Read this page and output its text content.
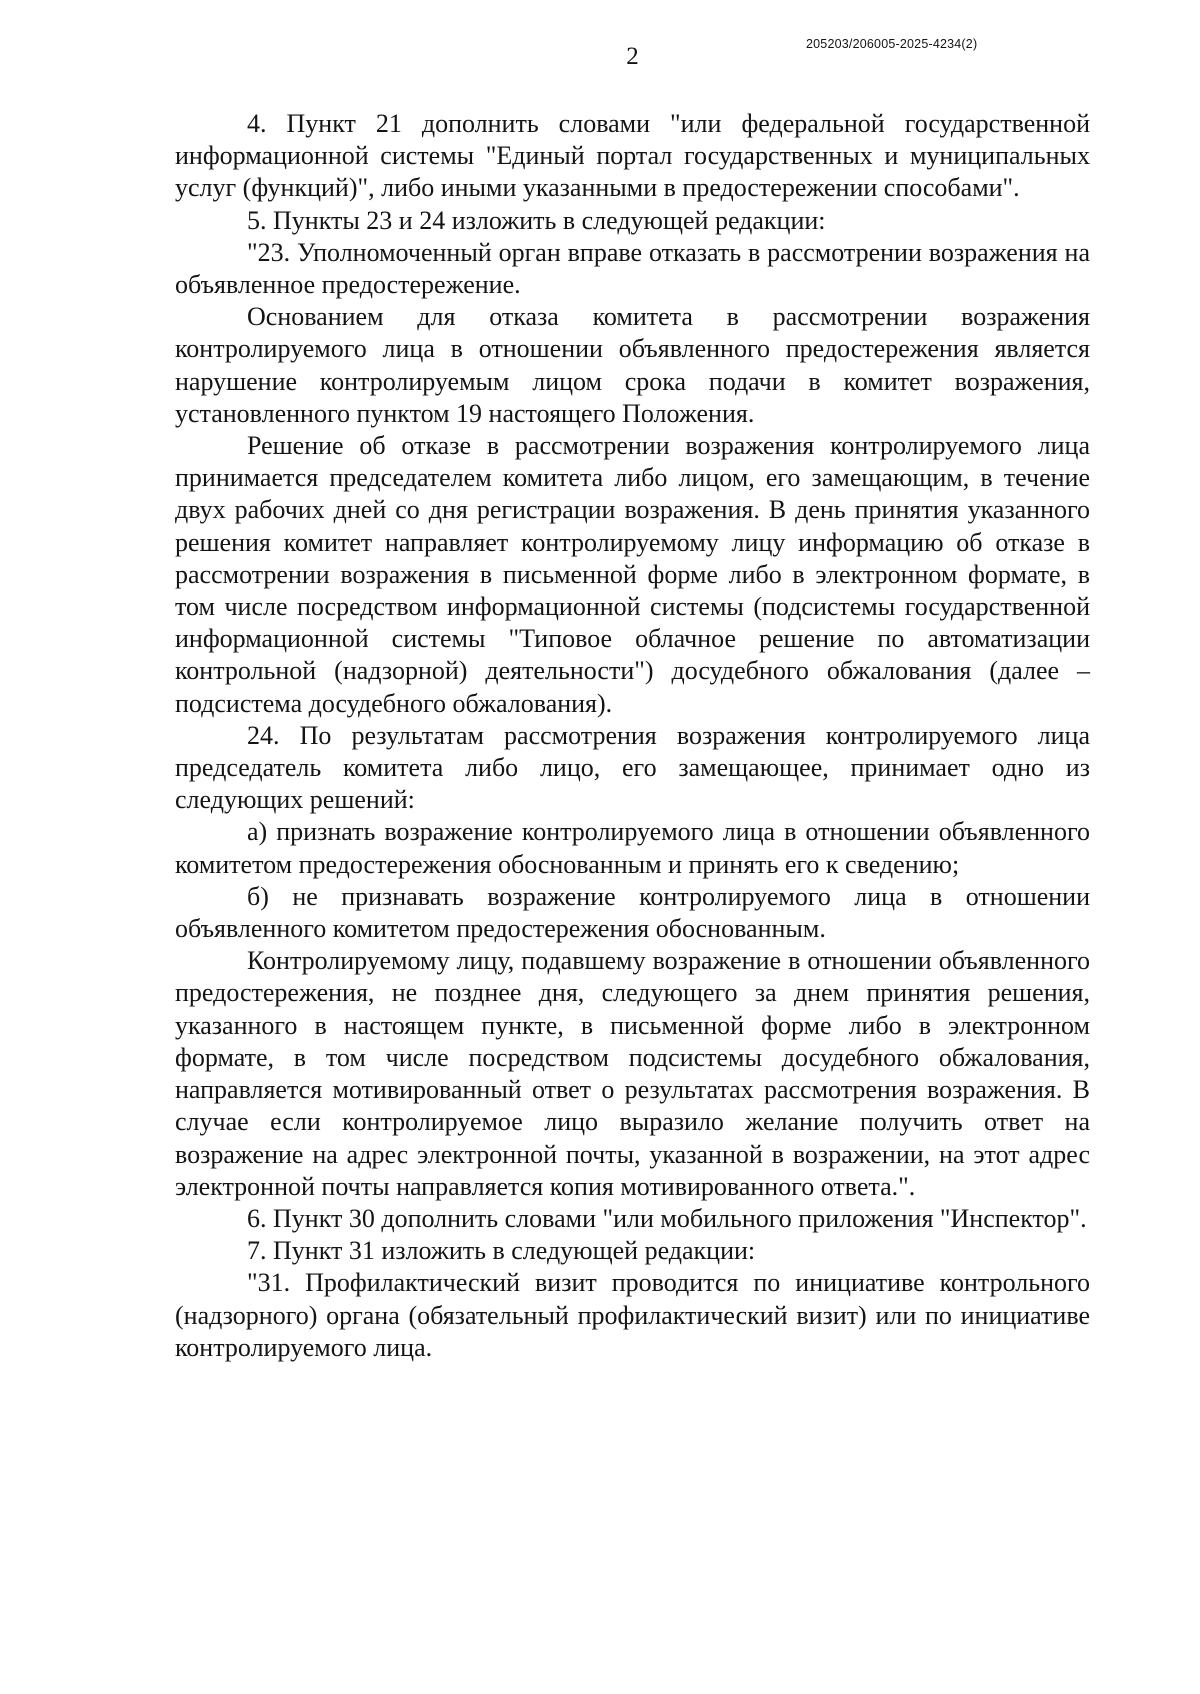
2	205203/206005-2025-4234(2)

4. Пункт 21 дополнить словами "или федеральной государственной информационной системы "Единый портал государственных и муниципальных услуг (функций)", либо иными указанными в предостережении способами".

5. Пункты 23 и 24 изложить в следующей редакции:

"23. Уполномоченный орган вправе отказать в рассмотрении возражения на объявленное предостережение.

Основанием для отказа комитета в рассмотрении возражения контролируемого лица в отношении объявленного предостережения является нарушение контролируемым лицом срока подачи в комитет возражения, установленного пунктом 19 настоящего Положения.

Решение об отказе в рассмотрении возражения контролируемого лица принимается председателем комитета либо лицом, его замещающим, в течение двух рабочих дней со дня регистрации возражения. В день принятия указанного решения комитет направляет контролируемому лицу информацию об отказе в рассмотрении возражения в письменной форме либо в электронном формате, в том числе посредством информационной системы (подсистемы государственной информационной системы "Типовое облачное решение по автоматизации контрольной (надзорной) деятельности") досудебного обжалования (далее – подсистема досудебного обжалования).

24. По результатам рассмотрения возражения контролируемого лица председатель комитета либо лицо, его замещающее, принимает одно из следующих решений:

а) признать возражение контролируемого лица в отношении объявленного комитетом предостережения обоснованным и принять его к сведению;

б) не признавать возражение контролируемого лица в отношении объявленного комитетом предостережения обоснованным.

Контролируемому лицу, подавшему возражение в отношении объявленного предостережения, не позднее дня, следующего за днем принятия решения, указанного в настоящем пункте, в письменной форме либо в электронном формате, в том числе посредством подсистемы досудебного обжалования, направляется мотивированный ответ о результатах рассмотрения возражения. В случае если контролируемое лицо выразило желание получить ответ на возражение на адрес электронной почты, указанной в возражении, на этот адрес электронной почты направляется копия мотивированного ответа.".

6. Пункт 30 дополнить словами "или мобильного приложения "Инспектор".

7. Пункт 31 изложить в следующей редакции:

"31. Профилактический визит проводится по инициативе контрольного (надзорного) органа (обязательный профилактический визит) или по инициативе контролируемого лица.
